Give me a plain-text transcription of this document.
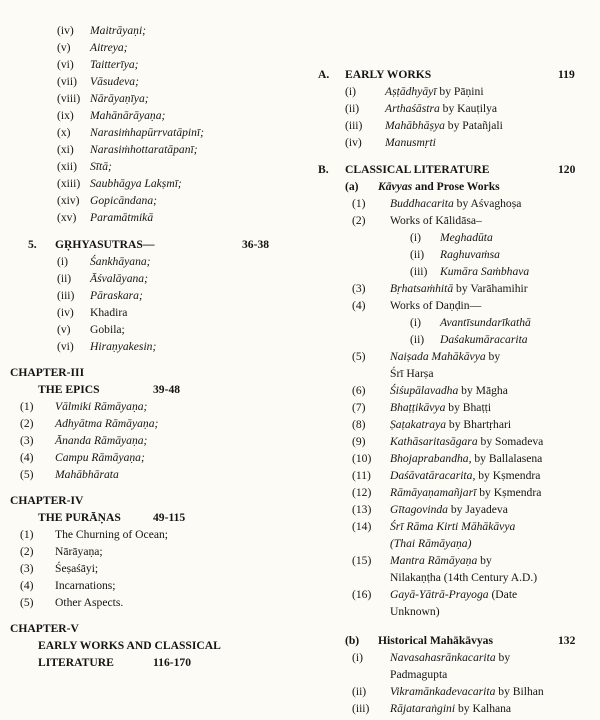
(iv)	Maitrāyaṇi;
(v)	Aitreya;
(vi)	Taitterīya;
(vii)	Vāsudeva;
(viii) Nārāyaṇīya;
(ix)	Mahānārāyaṇa;
(x)	Narasiṁhapūrrvatāpinī;
(xi)	Narasiṁhottaratāpanī;
(xii)	Sītā;
(xiii) Saubhāgya Lakṣmī;
(xiv) Gopicāndana;
(xv)	Paramātmikā
5.	GṚHYASUTRAS—	36-38
(i)	Śankhāyana;
(ii)	Āśvalāyana;
(iii)	Pāraskara;
(iv)	Khadira
(v)	Gobila;
(vi)	Hiraṇyakesin;
CHAPTER-III
THE EPICS	39-48
(1)	Vālmiki Rāmāyaṇa;
(2)	Adhyātma Rāmāyaṇa;
(3)	Ānanda Rāmāyaṇa;
(4)	Campu Rāmāyaṇa;
(5)	Mahābhārata
CHAPTER-IV
THE PURĀṆAS	49-115
(1)	The Churning of Ocean;
(2)	Nārāyaṇa;
(3)	Śeṣaśāyi;
(4)	Incarnations;
(5)	Other Aspects.
CHAPTER-V
EARLY WORKS AND CLASSICAL
LITERATURE	116-170
A.	EARLY WORKS	119
(i)	Aṣṭādhyāyī by Pāṇini
(ii)	Arthaśāstra by Kauṭilya
(iii)	Mahābhāṣya by Patañjali
(iv)	Manusmṛti
B.	CLASSICAL LITERATURE	120
(a)	Kāvyas and Prose Works
(1)	Buddhacarita by Aśvaghoṣa
(2)	Works of Kālidāsa–
(i)	Meghadūta
(ii)	Raghuvaṁsa
(iii)	Kumāra Saṁbhava
(3)	Bṛhatsaṁhitā by Varāhamihir
(4)	Works of Daṇḍin—
(i)	Avantīsundarīkathā
(ii)	Daśakumāracarita
(5)	Naiṣada Mahākāvya by
Śrī Harṣa
(6)	Śiśupālavadha by Māgha
(7)	Bhaṭṭikāvya by Bhaṭṭi
(8)	Ṣaṭakatraya by Bhartṛhari
(9)	Kathāsaritasāgara by Somadeva
(10)	Bhojaprabandha, by Ballalasena
(11)	Daśāvatāracarita, by Kṣmendra
(12)	Rāmāyaṇamañjarī by Kṣmendra
(13)	Gītagovinda by Jayadeva
(14)	Śrī Rāma Kirti Māhākāvya
(Thai Rāmāyaṇa)
(15)	Mantra Rāmāyaṇa by
Nilakaṇṭha (14th Century A.D.)
(16)	Gayā-Yātrā-Prayoga (Date
Unknown)
(b)	Historical Mahākāvyas	132
(i)	Navasahasrānkacarita by
Padmagupta
(ii)	Vikramānkadevacarita by Bilhan
(iii)	Rājataraṅgini by Kalhana
